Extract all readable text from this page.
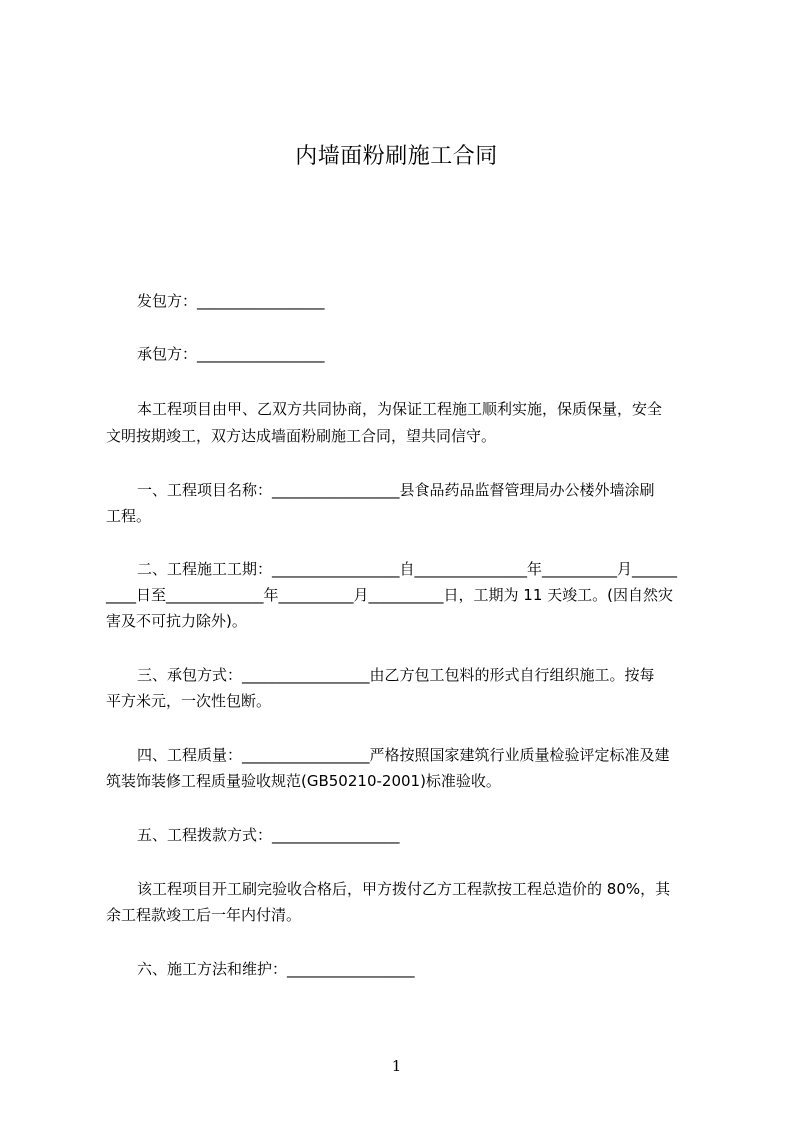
内墙面粉刷施工合同
发包方：_________________
承包方：_________________
本工程项目由甲、乙双方共同协商，为保证工程施工顺利实施，保质保量，安全
文明按期竣工，双方达成墙面粉刷施工合同，望共同信守。
一、工程项目名称：_________________县食品药品监督管理局办公楼外墙涂刷
工程。
二、工程施工工期：_________________自_______________年__________月______
____日至_____________年__________月__________日，工期为 11 天竣工。(因自然灾
害及不可抗力除外)。
三、承包方式：_________________由乙方包工包料的形式自行组织施工。按每
平方米元，一次性包断。
四、工程质量：_________________严格按照国家建筑行业质量检验评定标准及建
筑装饰装修工程质量验收规范(GB50210-2001)标准验收。
五、工程拨款方式：_________________
该工程项目开工刷完验收合格后，甲方拨付乙方工程款按工程总造价的 80%，其
余工程款竣工后一年内付清。
六、施工方法和维护：_________________
1
